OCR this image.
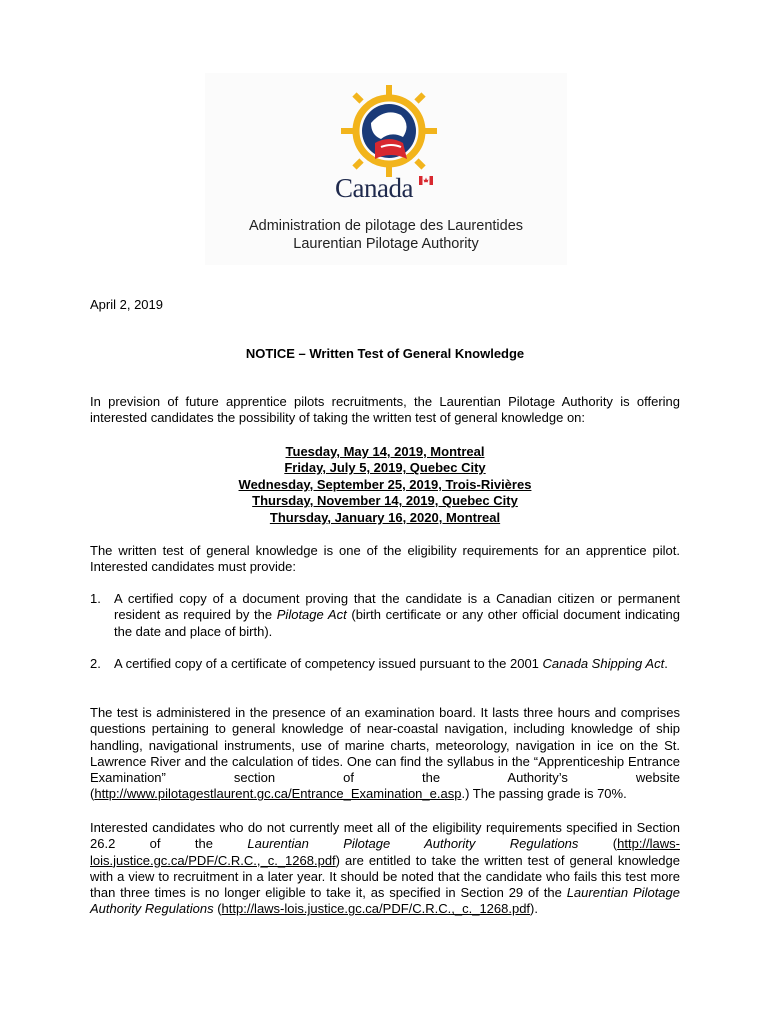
Canada
Administration de pilotage des Laurentides
Laurentian Pilotage Authority
April 2, 2019
NOTICE – Written Test of General Knowledge
In prevision of future apprentice pilots recruitments, the Laurentian Pilotage Authority is offering interested candidates the possibility of taking the written test of general knowledge on:
Tuesday, May 14, 2019, Montreal
Friday, July 5, 2019, Quebec City
Wednesday, September 25, 2019, Trois-Rivières
Thursday, November 14, 2019, Quebec City
Thursday, January 16, 2020, Montreal
The written test of general knowledge is one of the eligibility requirements for an apprentice pilot. Interested candidates must provide:
1. A certified copy of a document proving that the candidate is a Canadian citizen or permanent resident as required by the Pilotage Act (birth certificate or any other official document indicating the date and place of birth).
2. A certified copy of a certificate of competency issued pursuant to the 2001 Canada Shipping Act.
The test is administered in the presence of an examination board. It lasts three hours and comprises questions pertaining to general knowledge of near-coastal navigation, including knowledge of ship handling, navigational instruments, use of marine charts, meteorology, navigation in ice on the St. Lawrence River and the calculation of tides. One can find the syllabus in the “Apprenticeship Entrance Examination” section of the Authority’s website (http://www.pilotagestlaurent.gc.ca/Entrance_Examination_e.asp.) The passing grade is 70%.
Interested candidates who do not currently meet all of the eligibility requirements specified in Section 26.2 of the Laurentian Pilotage Authority Regulations (http://laws-lois.justice.gc.ca/PDF/C.R.C.,_c._1268.pdf) are entitled to take the written test of general knowledge with a view to recruitment in a later year. It should be noted that the candidate who fails this test more than three times is no longer eligible to take it, as specified in Section 29 of the Laurentian Pilotage Authority Regulations (http://laws-lois.justice.gc.ca/PDF/C.R.C.,_c._1268.pdf).
